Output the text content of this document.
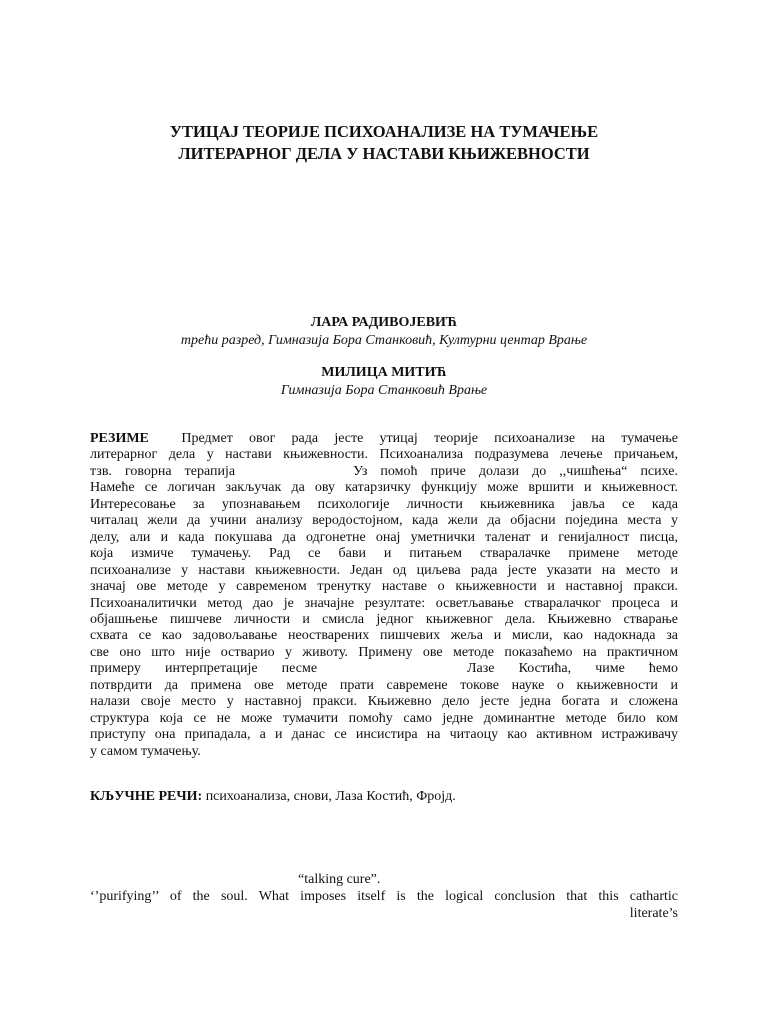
УТИЦАЈ ТЕОРИЈЕ ПСИХОАНАЛИЗЕ НА ТУМАЧЕЊЕ
ЛИТЕРАРНОГ ДЕЛА У НАСТАВИ КЊИЖЕВНОСТИ
ЛАРА РАДИВОЈЕВИЋ
трећи разред, Гимназија Бора Станковић, Културни центар Врање
МИЛИЦА МИТИЋ
Гимназија Бора Станковић Врање
РЕЗИМЕ Предмет овог рада јесте утицај теорије психоанализе на тумачење
литерарног дела у настави књижевности. Психоанализа подразумева лечење причањем,
тзв. говорна терапија	Уз помоћ приче долази до ,,чишћења“ психе.
Намеће се логичан закључак да ову катарзичку функцију може вршити и књижевност.
Интересовање за упознавањем психологије личности књижевника јавља се када
читалац жели да учини анализу веродостојном, када жели да објасни поједина места у
делу, али и када покушава да одгонетне онај уметнички таленат и генијалност писца,
која измиче тумачењу. Рад се бави и питањем стваралачке примене методе
психоанализе у настави књижевности. Један од циљева рада јесте указати на место и
значај ове методе у савременом тренутку наставе о књижевности и наставној пракси.
Психоаналитички метод дао је значајне резултате: осветљавање стваралачког процеса и
објашњење пишчеве личности и смисла једног књижевног дела. Књижевно стварање
схвата се као задовољавање неостварених пишчевих жеља и мисли, као надокнада за
све оно што није остварио у животу. Примену ове методе показаћемо на практичном
примеру интерпретације песме	Лазе Костића, чиме ћемо
потврдити да примена ове методе прати савремене токове науке о књижевности и
налази своје место у наставној пракси. Књижевно дело јесте једна богата и сложена
структура која се не може тумачити помоћу само једне доминантне методе било ком
приступу она припадала, а и данас се инсистира на читаоцу као активном истраживачу
у самом тумачењу.
КЉУЧНЕ РЕЧИ: психоанализа, снови, Лаза Костић, Фројд.
“talking cure”.
‘’purifying’’ of the soul. What imposes itself is the logical conclusion that this cathartic
literate’s
